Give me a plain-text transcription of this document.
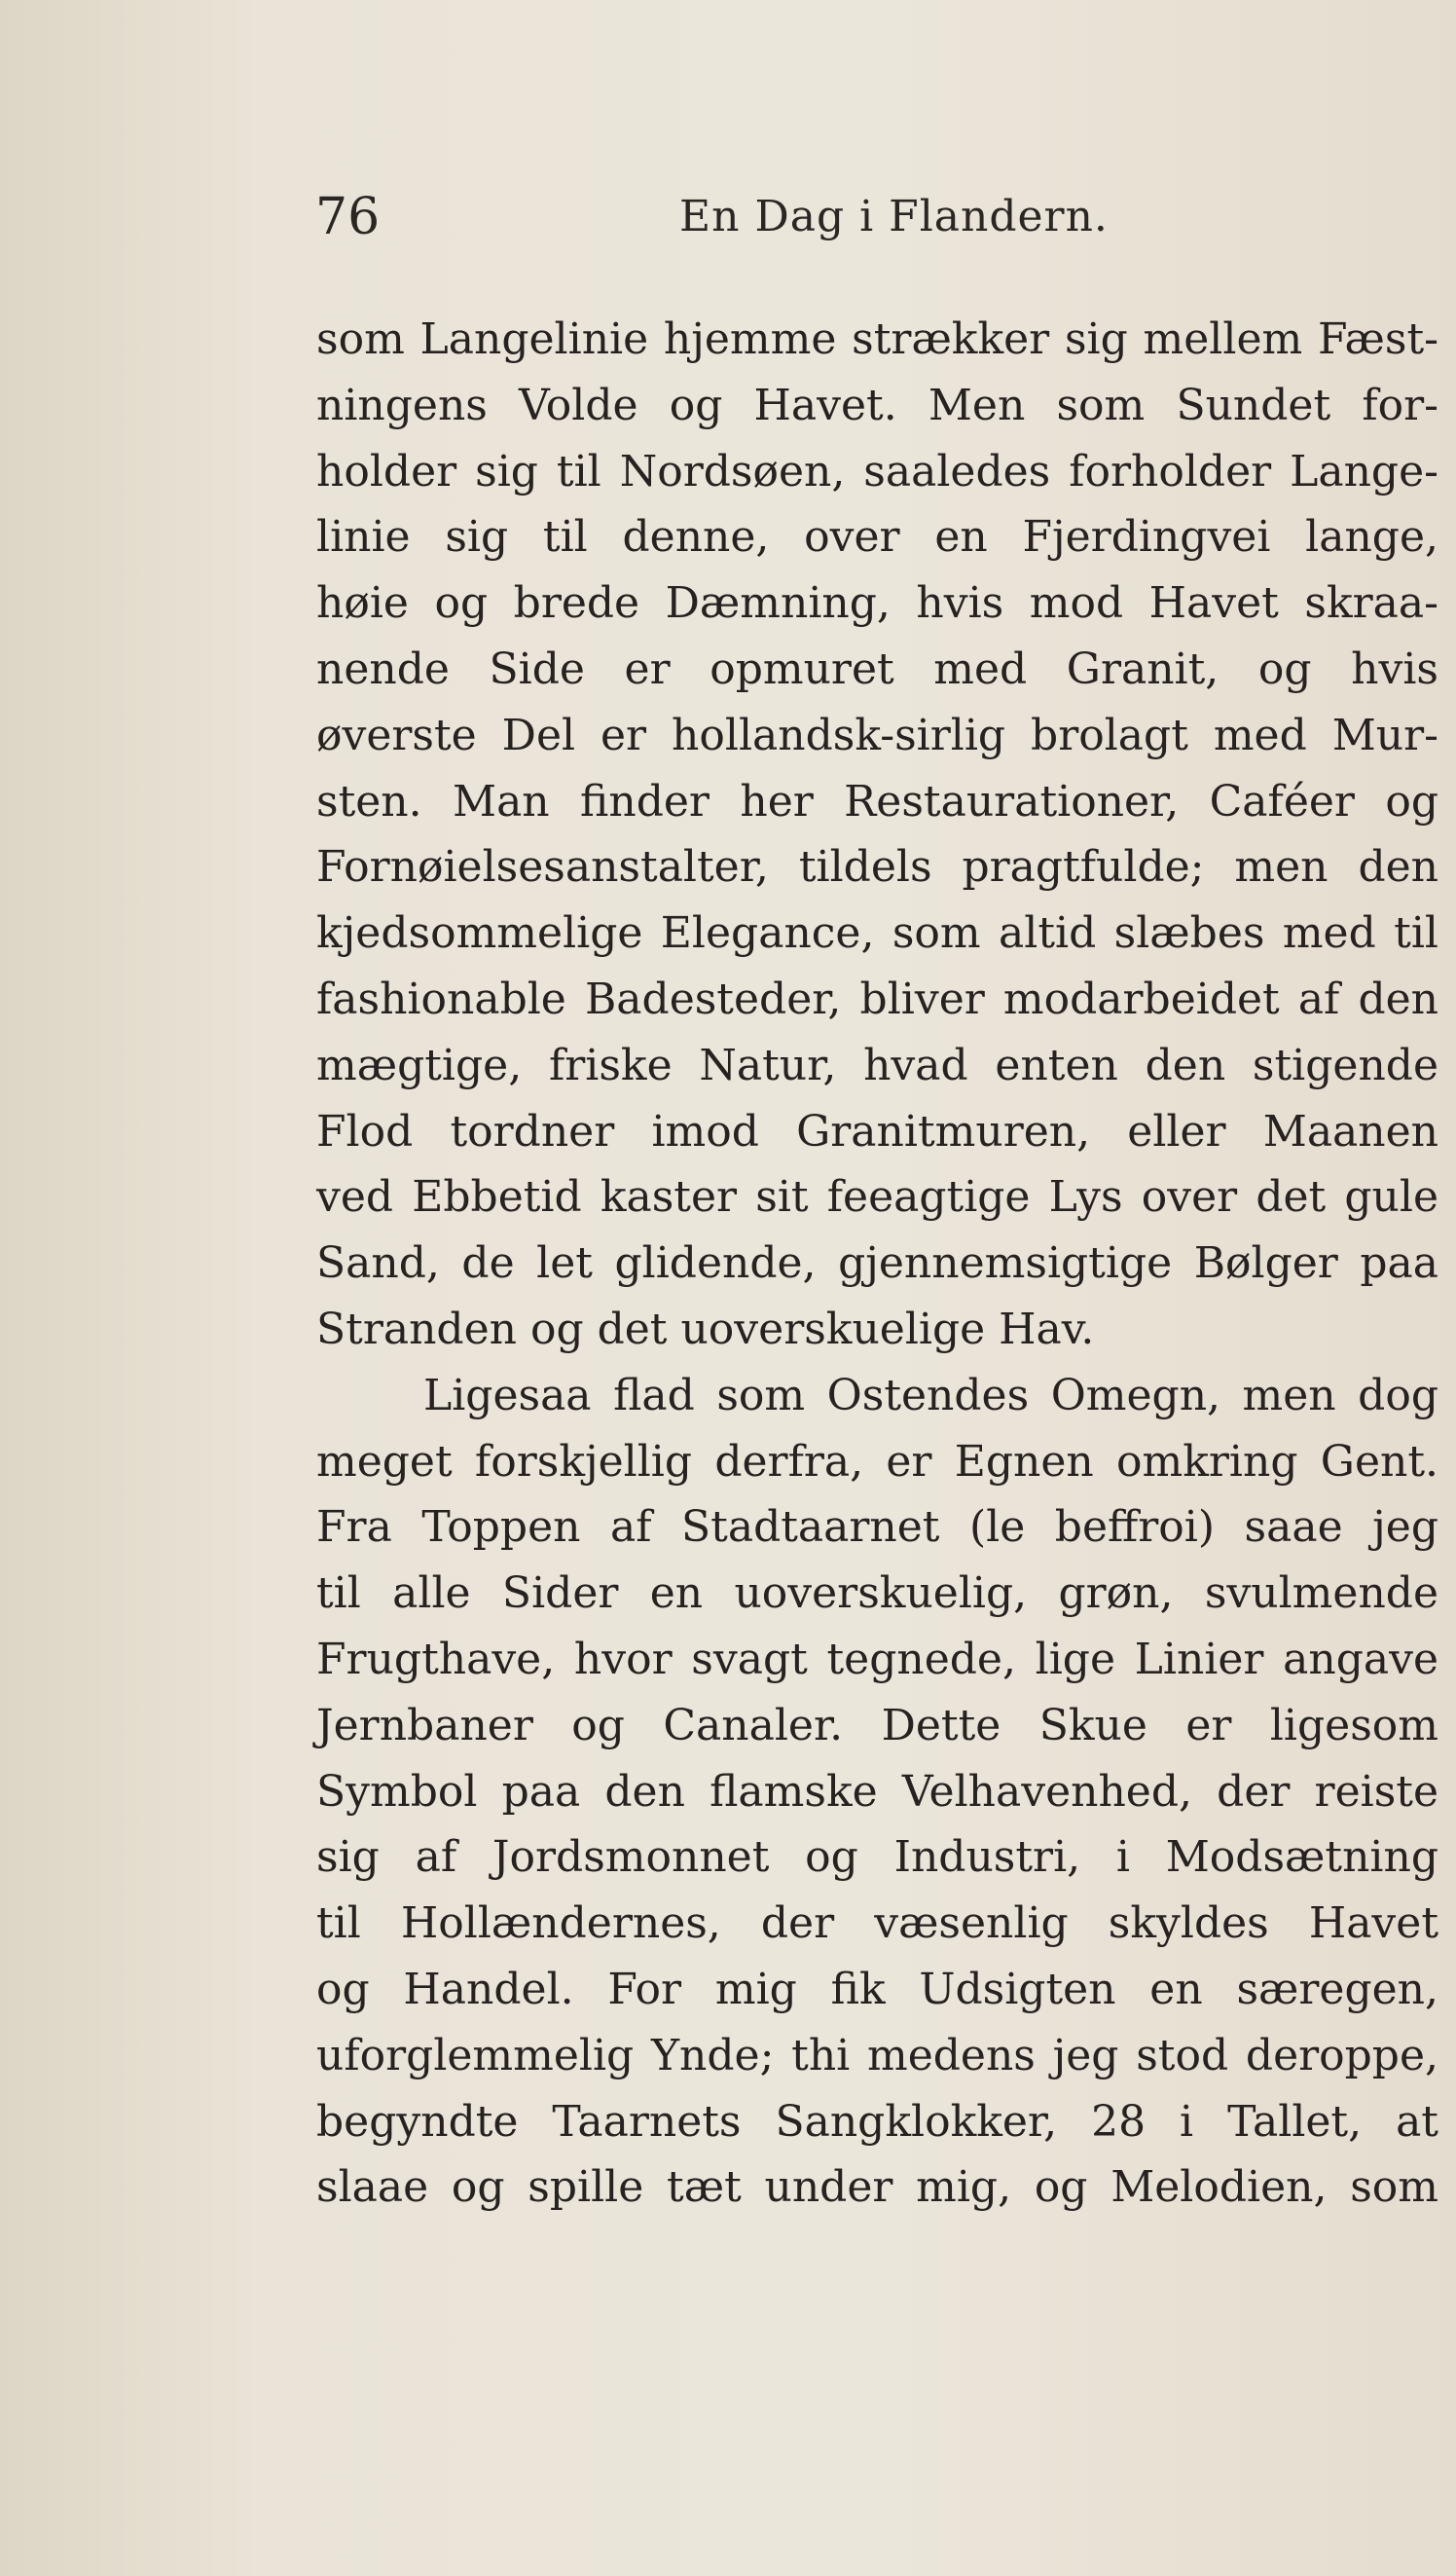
76	En Dag i Flandern.
som Langelinie hjemme strækker sig mellem Fæst-
ningens Volde og Havet. Men som Sundet for-
holder sig til Nordsøen, saaledes forholder Lange-
linie sig til denne, over en Fjerdingvei lange,
høie og brede Dæmning, hvis mod Havet skraa-
nende Side er opmuret med Granit, og hvis
øverste Del er hollandsk-sirlig brolagt med Mur-
sten. Man finder her Restaurationer, Caféer og
Fornøielsesanstalter, tildels pragtfulde; men den
kjedsommelige Elegance, som altid slæbes med til
fashionable Badesteder, bliver modarbeidet af den
mægtige, friske Natur, hvad enten den stigende
Flod tordner imod Granitmuren, eller Maanen
ved Ebbetid kaster sit feeagtige Lys over det gule
Sand, de let glidende, gjennemsigtige Bølger paa
Stranden og det uoverskuelige Hav.
Ligesaa flad som Ostendes Omegn, men dog
meget forskjellig derfra, er Egnen omkring Gent.
Fra Toppen af Stadtaarnet (le beffroi) saae jeg
til alle Sider en uoverskuelig, grøn, svulmende
Frugthave, hvor svagt tegnede, lige Linier angave
Jernbaner og Canaler. Dette Skue er ligesom
Symbol paa den flamske Velhavenhed, der reiste
sig af Jordsmonnet og Industri, i Modsætning
til Hollændernes, der væsenlig skyldes Havet
og Handel. For mig fik Udsigten en særegen,
uforglemmelig Ynde; thi medens jeg stod deroppe,
begyndte Taarnets Sangklokker, 28 i Tallet, at
slaae og spille tæt under mig, og Melodien, som
